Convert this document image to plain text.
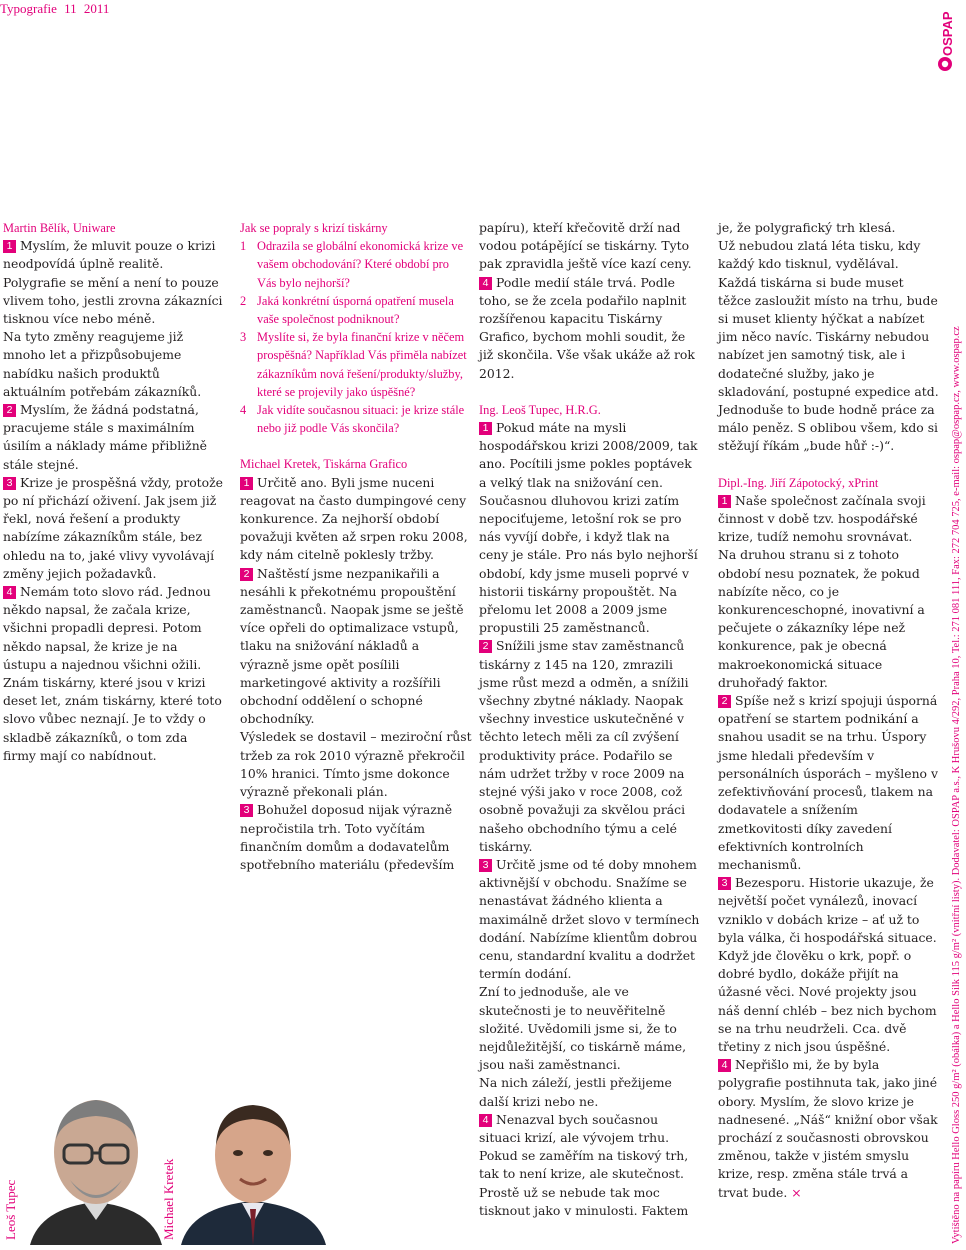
Typografie 11 2011
OSPAP
Vytištěno na papíru Hello Gloss 250 g/m² (obálka) a Hello Silk 115 g/m² (vnitřní listy). Dodavatel: OSPAP a.s., K Hrušovu 4/292, Praha 10, Tel.: 271 081 111, Fax: 272 704 725, e-mail: ospap@ospap.cz, www.ospap.cz

Martin Bělík, Uniware

1 Myslím, že mluvit pouze o krizi neodpovídá úplně realitě.
Polygrafie se mění a není to pouze vlivem toho, jestli zrovna zákazníci tisknou více nebo méně.
Na tyto změny reagujeme již mnoho let a přizpůsobujeme nabídku našich produktů aktuálním potřebám zákazníků.

2 Myslím, že žádná podstatná, pracujeme stále s maximálním úsilím a náklady máme přibližně stále stejné.

3 Krize je prospěšná vždy, protože po ní přichází oživení. Jak jsem již řekl, nová řešení a produkty nabízíme zákazníkům stále, bez ohledu na to, jaké vlivy vyvolávají změny jejich požadavků.

4 Nemám toto slovo rád. Jednou někdo napsal, že začala krize, všichni propadli depresi. Potom někdo napsal, že krize je na ústupu a najednou všichni ožili.
Znám tiskárny, které jsou v krizi deset let, znám tiskárny, které toto slovo vůbec neznají. Je to vždy o skladbě zákazníků, o tom zda firmy mají co nabídnout.

Jak se popraly s krizí tiskárny

1 Odrazila se globální ekonomická krize ve vašem obchodování? Které období pro Vás bylo nejhorší?
2 Jaká konkrétní úsporná opatření musela vaše společnost podniknout?
3 Myslíte si, že byla finanční krize v něčem prospěšná? Například Vás přiměla nabízet zákazníkům nová řešení/produkty/služby, které se projevily jako úspěšné?
4 Jak vidíte současnou situaci: je krize stále nebo již podle Vás skončila?

Michael Kretek, Tiskárna Grafico

1 Určitě ano. Byli jsme nuceni reagovat na často dumpingové ceny konkurence. Za nejhorší období považuji květen až srpen roku 2008, kdy nám citelně poklesly tržby.

2 Naštěstí jsme nezpanikařili a nesáhli k překotnému propouštění zaměstnanců. Naopak jsme se ještě více opřeli do optimalizace vstupů, tlaku na snižování nákladů a výrazně jsme opět posílili marketingové aktivity a rozšířili obchodní oddělení o schopné obchodníky.
Výsledek se dostavil – meziroční růst tržeb za rok 2010 výrazně překročil 10% hranici. Tímto jsme dokonce výrazně překonali plán.

3 Bohužel doposud nijak výrazně nepročistila trh. Toto vyčítám finančním domům a dodavatelům spotřebního materiálu (především

papíru), kteří křečovitě drží nad vodou potápějící se tiskárny. Tyto pak zpravidla ještě více kazí ceny.

4 Podle medií stále trvá. Podle toho, se že zcela podařilo naplnit rozšířenou kapacitu Tiskárny Grafico, bychom mohli soudit, že již skončila. Vše však ukáže až rok 2012.

Ing. Leoš Tupec, H.R.G.

1 Pokud máte na mysli hospodářskou krizi 2008/2009, tak ano. Pocítili jsme pokles poptávek a velký tlak na snižování cen.
Současnou dluhovou krizi zatím nepociťujeme, letošní rok se pro nás vyvíjí dobře, i když tlak na ceny je stále. Pro nás bylo nejhorší období, kdy jsme museli poprvé v historii tiskárny propouštět. Na přelomu let 2008 a 2009 jsme propustili 25 zaměstnanců.

2 Snížili jsme stav zaměstnanců tiskárny z 145 na 120, zmrazili jsme růst mezd a odměn, a snížili všechny zbytné náklady. Naopak všechny investice uskutečněné v těchto letech měli za cíl zvýšení produktivity práce. Podařilo se nám udržet tržby v roce 2009 na stejné výši jako v roce 2008, což osobně považuji za skvělou práci našeho obchodního týmu a celé tiskárny.

3 Určitě jsme od té doby mnohem aktivnější v obchodu. Snažíme se nenastávat žádného klienta a maximálně držet slovo v termínech dodání. Nabízíme klientům dobrou cenu, standardní kvalitu a dodržet termín dodání.
Zní to jednoduše, ale ve skutečnosti je to neuvěřitelně složité. Uvědomili jsme si, že to nejdůležitější, co tiskárně máme, jsou naši zaměstnanci.
Na nich záleží, jestli přežijeme další krizi nebo ne.

4 Nenazval bych současnou situaci krizí, ale vývojem trhu.
Pokud se zaměřím na tiskový trh, tak to není krize, ale skutečnost.
Prostě už se nebude tak moc tisknout jako v minulosti. Faktem

je, že polygrafický trh klesá.
Už nebudou zlatá léta tisku, kdy každý kdo tisknul, vydělával.
Každá tiskárna si bude muset těžce zasloužit místo na trhu, bude si muset klienty hýčkat a nabízet jim něco navíc. Tiskárny nebudou nabízet jen samotný tisk, ale i dodatečné služby, jako je skladování, postupné expedice atd. Jednoduše to bude hodně práce za málo peněz. S oblibou všem, kdo si stěžují říkám „bude hůř :-)“.

Dipl.-Ing. Jiří Zápotocký, xPrint

1 Naše společnost začínala svoji činnost v době tzv. hospodářské krize, tudíž nemohu srovnávat.
Na druhou stranu si z tohoto období nesu poznatek, že pokud nabízíte něco, co je konkurenceschopné, inovativní a pečujete o zákazníky lépe než konkurence, pak je obecná makroekonomická situace druhořadý faktor.

2 Spíše než s krizí spojuji úsporná opatření se startem podnikání a snahou usadit se na trhu. Úspory jsme hledali především v personálních úsporách – myšleno v zefektivňování procesů, tlakem na dodavatele a snížením zmetkovitosti díky zavedení efektivních kontrolních mechanismů.

3 Bezesporu. Historie ukazuje, že největší počet vynálezů, inovací vzniklo v dobách krize – ať už to byla válka, či hospodářská situace. Když jde člověku o krk, popř. o dobré bydlo, dokáže přijít na úžasné věci. Nové projekty jsou náš denní chléb – bez nich bychom se na trhu neudrželi. Cca. dvě třetiny z nich jsou úspěšné.

4 Nepřišlo mi, že by byla polygrafie postihnuta tak, jako jiné obory. Myslím, že slovo krize je nadnesené. „Náš“ knižní obor však prochází z současnosti obrovskou změnou, takže v jistém smyslu krize, resp. změna stále trvá a trvat bude. ×

Leoš Tupec	Michael Kretek
